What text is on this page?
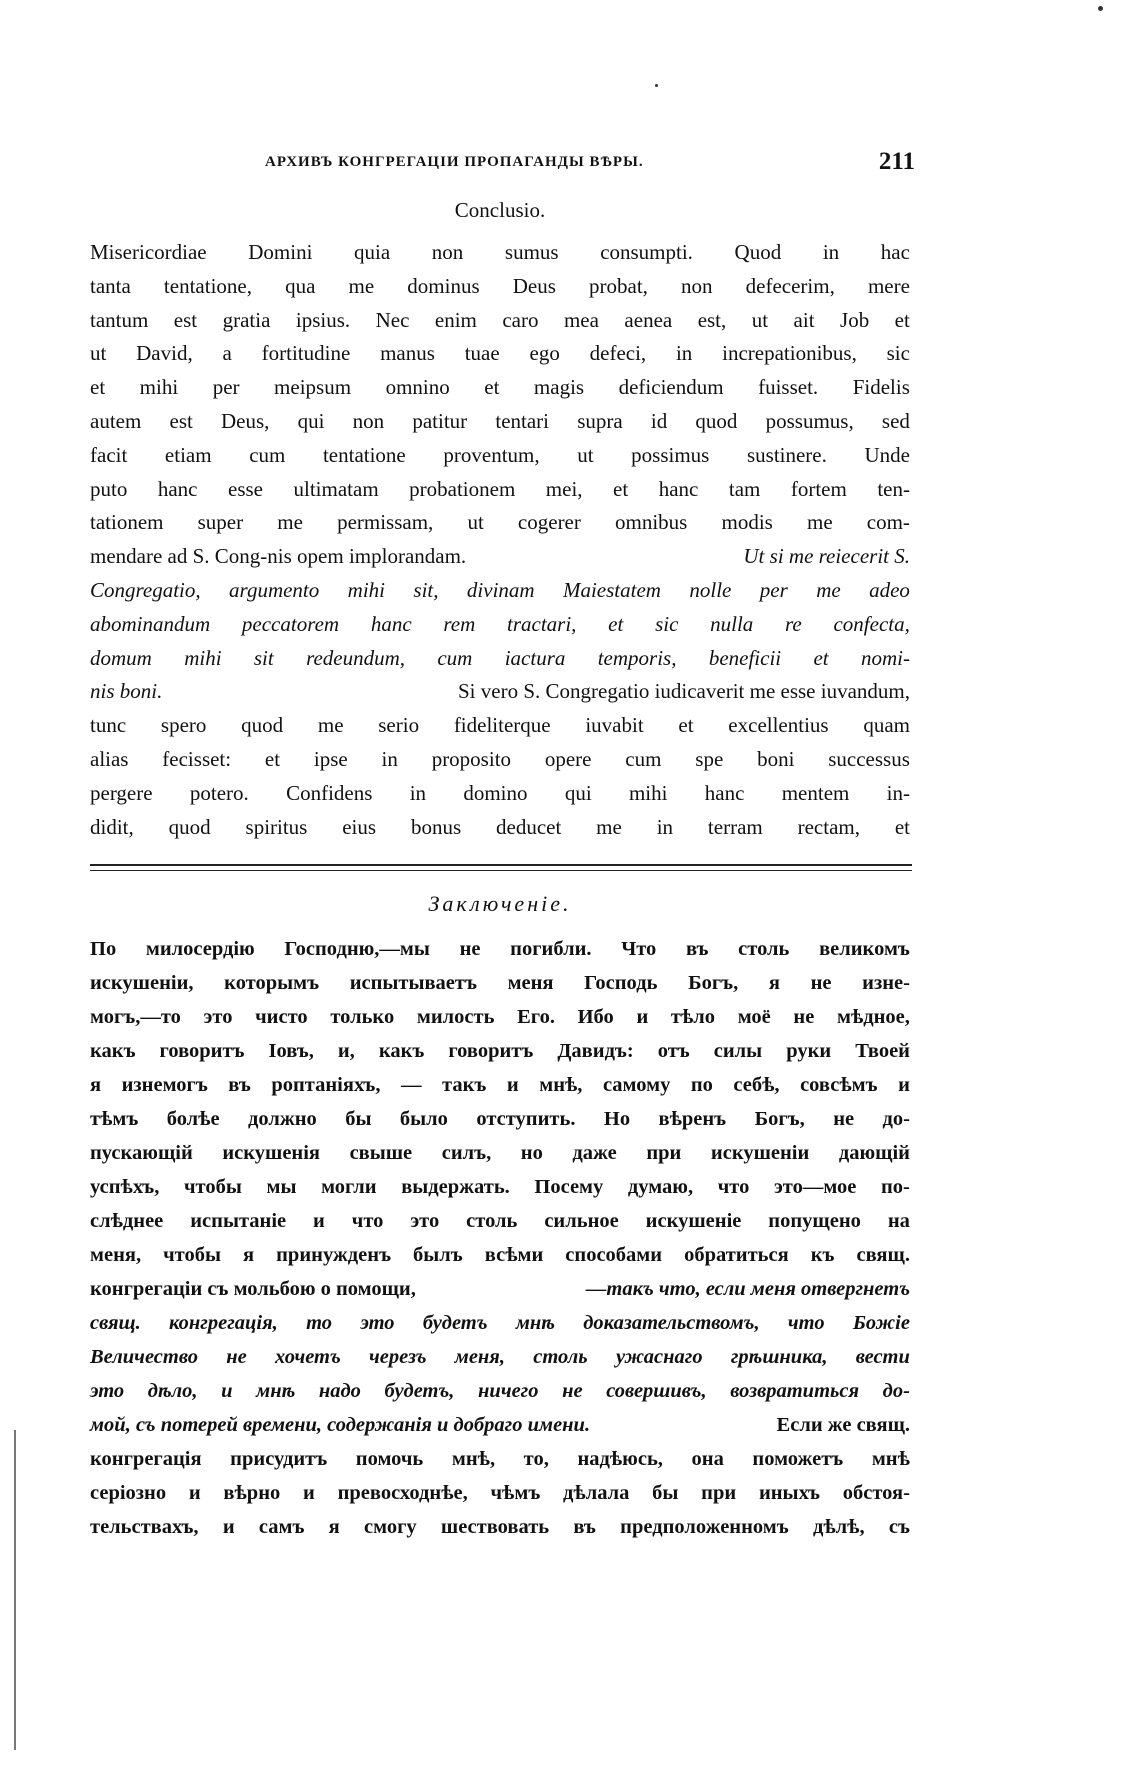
АРХИВЪ КОНГРЕГАЦІИ ПРОПАГАНДЫ ВѢРЫ.	211
Conclusio.
Misericordiae Domini quia non sumus consumpti. Quod in hac
tanta tentatione, qua me dominus Deus probat, non defecerim, mere
tantum est gratia ipsius. Nec enim caro mea aenea est, ut ait Job et
ut David, a fortitudine manus tuae ego defeci, in increpationibus, sic
et mihi per meipsum omnino et magis deficiendum fuisset. Fidelis
autem est Deus, qui non patitur tentari supra id quod possumus, sed
facit etiam cum tentatione proventum, ut possimus sustinere. Unde
puto hanc esse ultimatam probationem mei, et hanc tam fortem ten-
tationem super me permissam, ut cogerer omnibus modis me com-
mendare ad S. Cong-nis opem implorandam.	Ut si me reiecerit S.
Congregatio, argumento mihi sit, divinam Maiestatem nolle per me adeo
abominandum peccatorem hanc rem tractari, et sic nulla re confecta,
domum mihi sit redeundum, cum iactura temporis, beneficii et nomi-
nis boni.	Si vero S. Congregatio iudicaverit me esse iuvandum,
tunc spero quod me serio fideliterque iuvabit et excellentius quam
alias fecisset: et ipse in proposito opere cum spe boni successus
pergere potero. Confidens in domino qui mihi hanc mentem in-
didit, quod spiritus eius bonus deducet me in terram rectam, et
Заключеніе.
По милосердію Господню,—мы не погибли. Что въ столь великомъ
искушеніи, которымъ испытываетъ меня Господь Богъ, я не изне-
могъ,—то это чисто только милость Его. Ибо и тѣло моё не мѣдное,
какъ говоритъ Іовъ, и, какъ говоритъ Давидъ: отъ силы руки Твоей
я изнемогъ въ роптаніяхъ, — такъ и мнѣ, самому по себѣ, совсѣмъ и
тѣмъ болѣе должно бы было отступить. Но вѣренъ Богъ, не до-
пускающій искушенія свыше силъ, но даже при искушеніи дающій
успѣхъ, чтобы мы могли выдержать. Посему думаю, что это—мое по-
слѣднее испытаніе и что это столь сильное искушеніе попущено на
меня, чтобы я принужденъ былъ всѣми способами обратиться къ свящ.
конгрегаціи съ мольбою о помощи,	—такъ что, если меня отвергнетъ
свящ. конгрегація, то это будетъ мнѣ доказательствомъ, что Божіе
Величество не хочетъ черезъ меня, столь ужаснаго грѣшника, вести
это дѣло, и мнѣ надо будетъ, ничего не совершивъ, возвратиться до-
мой, съ потерей времени, содержанія и добраго имени.	Если же свящ.
конгрегація присудитъ помочь мнѣ, то, надѣюсь, она поможетъ мнѣ
серіозно и вѣрно и превосходнѣе, чѣмъ дѣлала бы при иныхъ обстоя-
тельствахъ, и самъ я смогу шествовать въ предположенномъ дѣлѣ, съ
